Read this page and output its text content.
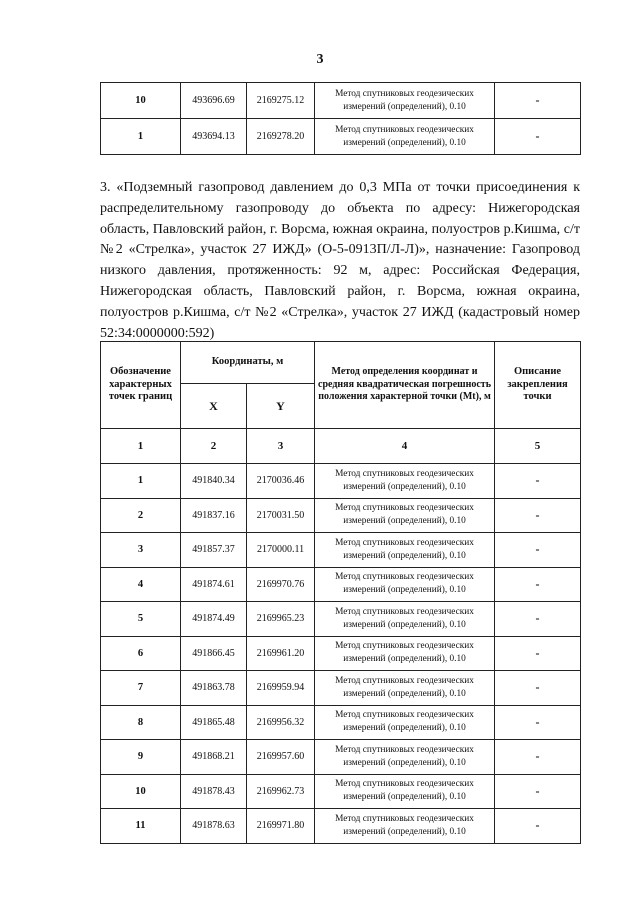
3
10	493696.69	2169275.12	Метод спутниковых геодезических
измерений (определений), 0.10	-
1	493694.13	2169278.20	Метод спутниковых геодезических
измерений (определений), 0.10	-

3. «Подземный газопровод давлением до 0,3 МПа от точки присоединения к распределительному газопроводу до объекта по адресу: Нижегородская область, Павловский район, г. Ворсма, южная окраина, полуостров р.Кишма, с/т №2 «Стрелка», участок 27 ИЖД» (О-5-0913П/Л-Л)», назначение: Газопровод низкого давления, протяженность: 92 м, адрес: Российская Федерация, Нижегородская область, Павловский район, г. Ворсма, южная окраина, полуостров р.Кишма, с/т №2 «Стрелка», участок 27 ИЖД (кадастровый номер 52:34:0000000:592)

Обозначение характерных точек границ	Координаты, м		Метод определения координат и средняя квадратическая погрешность положения характерной точки (Mt), м	Описание закрепления точки
	X	Y		
1	2	3	4	5
1	491840.34	2170036.46	Метод спутниковых геодезических
измерений (определений), 0.10	-
2	491837.16	2170031.50	Метод спутниковых геодезических
измерений (определений), 0.10	-
3	491857.37	2170000.11	Метод спутниковых геодезических
измерений (определений), 0.10	-
4	491874.61	2169970.76	Метод спутниковых геодезических
измерений (определений), 0.10	-
5	491874.49	2169965.23	Метод спутниковых геодезических
измерений (определений), 0.10	-
6	491866.45	2169961.20	Метод спутниковых геодезических
измерений (определений), 0.10	-
7	491863.78	2169959.94	Метод спутниковых геодезических
измерений (определений), 0.10	-
8	491865.48	2169956.32	Метод спутниковых геодезических
измерений (определений), 0.10	-
9	491868.21	2169957.60	Метод спутниковых геодезических
измерений (определений), 0.10	-
10	491878.43	2169962.73	Метод спутниковых геодезических
измерений (определений), 0.10	-
11	491878.63	2169971.80	Метод спутниковых геодезических
измерений (определений), 0.10	-
